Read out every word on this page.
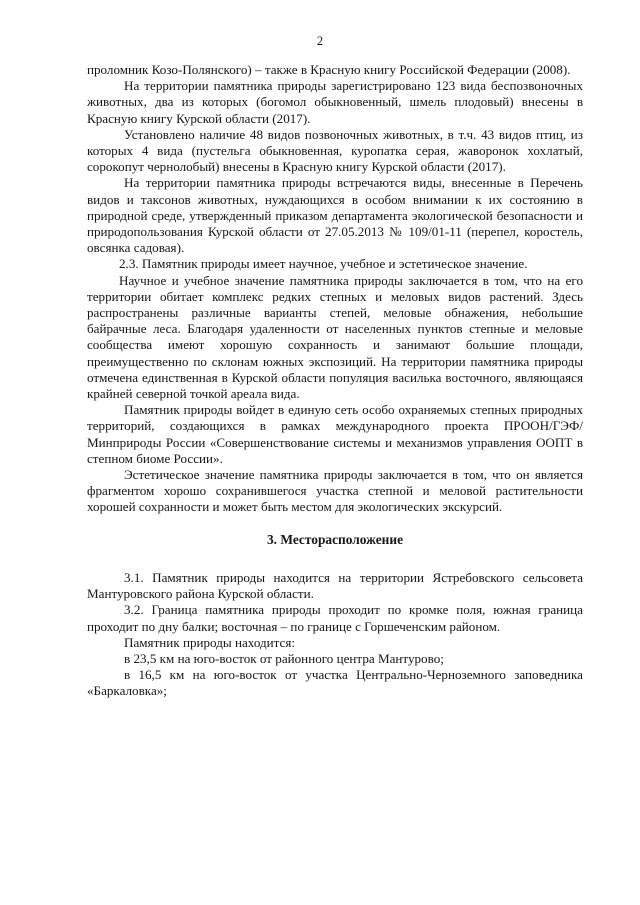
2

проломник Козо-Полянского) – также в Красную книгу Российской Федерации (2008).

На территории памятника природы зарегистрировано 123 вида беспозвоночных животных, два из которых (богомол обыкновенный, шмель плодовый) внесены в Красную книгу Курской области (2017).

Установлено наличие 48 видов позвоночных животных, в т.ч. 43 видов птиц, из которых 4 вида (пустельга обыкновенная, куропатка серая, жаворонок хохлатый, сорокопут чернолобый) внесены в Красную книгу Курской области (2017).

На территории памятника природы встречаются виды, внесенные в Перечень видов и таксонов животных, нуждающихся в особом внимании к их состоянию в природной среде, утвержденный приказом департамента экологической безопасности и природопользования Курской области от 27.05.2013 № 109/01-11 (перепел, коростель, овсянка садовая).

2.3. Памятник природы имеет научное, учебное и эстетическое значение.

Научное и учебное значение памятника природы заключается в том, что на его территории обитает комплекс редких степных и меловых видов растений. Здесь распространены различные варианты степей, меловые обнажения, небольшие байрачные леса. Благодаря удаленности от населенных пунктов степные и меловые сообщества имеют хорошую сохранность и занимают большие площади, преимущественно по склонам южных экспозиций. На территории памятника природы отмечена единственная в Курской области популяция василька восточного, являющаяся крайней северной точкой ареала вида.

Памятник природы войдет в единую сеть особо охраняемых степных природных территорий, создающихся в рамках международного проекта ПРООН/ГЭФ/Минприроды России «Совершенствование системы и механизмов управления ООПТ в степном биоме России».

Эстетическое значение памятника природы заключается в том, что он является фрагментом хорошо сохранившегося участка степной и меловой растительности хорошей сохранности и может быть местом для экологических экскурсий.

3. Месторасположение

3.1. Памятник природы находится на территории Ястребовского сельсовета Мантуровского района Курской области.

3.2. Граница памятника природы проходит по кромке поля, южная граница проходит по дну балки; восточная – по границе с Горшеченским районом.

Памятник природы находится:

в 23,5 км на юго-восток от районного центра Мантурово;

в 16,5 км на юго-восток от участка Центрально-Черноземного заповедника «Баркаловка»;
